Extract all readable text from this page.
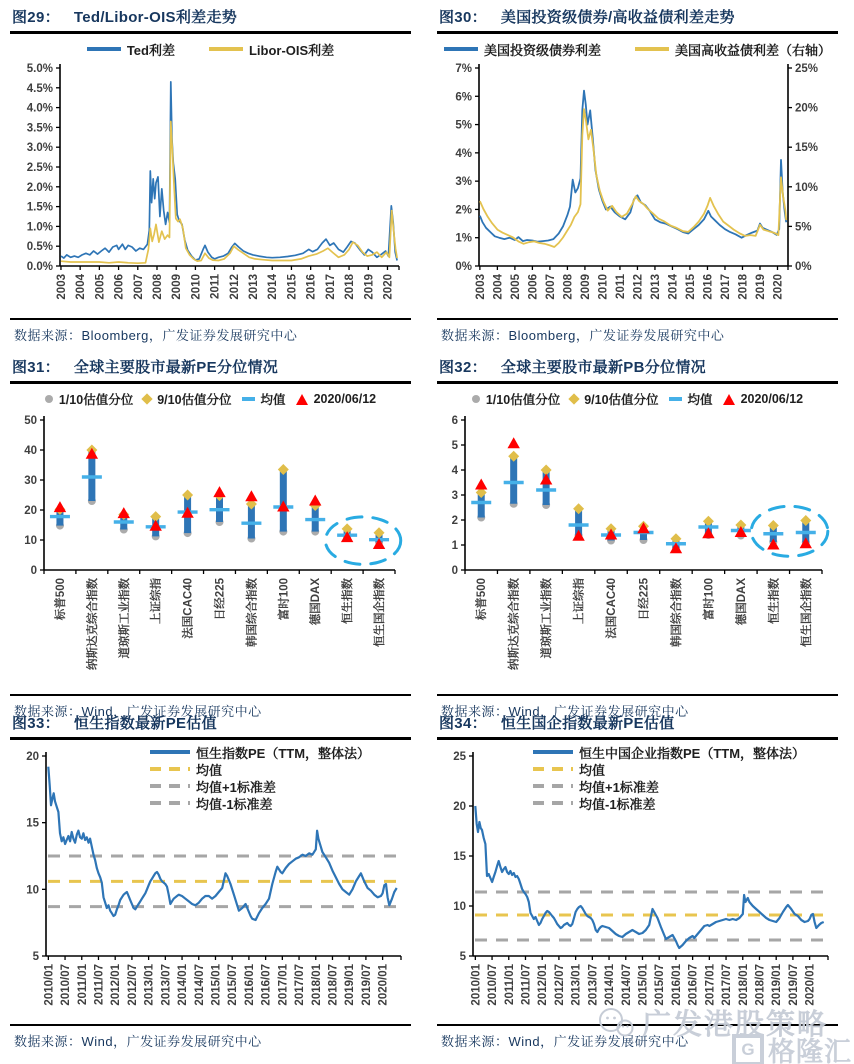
图29： Ted/Libor-OIS利差走势
Ted利差	Libor-OIS利差
0.0%
0.5%
1.0%
1.5%
2.0%
2.5%
3.0%
3.5%
4.0%
4.5%
5.0%
2003 2004 2005 2006 2007 2008 2009 2010 2011 2012 2013 2014 2015 2016 2017 2018 2019 2020
数据来源：Bloomberg，广发证券发展研究中心
图30： 美国投资级债券/高收益债利差走势
美国投资级债券利差	美国高收益债利差（右轴）
0%
1%
2%
3%
4%
5%
6%
7%
0%
5%
10%
15%
20%
25%
2003 2004 2005 2006 2007 2008 2009 2010 2011 2012 2013 2014 2015 2016 2017 2018 2019 2020
数据来源：Bloomberg，广发证券发展研究中心
图31： 全球主要股市最新PE分位情况
1/10估值分位 9/10估值分位 均值 2020/06/12
0
10
20
30
40
50
标普500 纳斯达克综合指数 道琼斯工业指数 上证综指 法国CAC40 日经225 韩国综合指数 富时100 德国DAX 恒生指数 恒生国企指数
数据来源：Wind，广发证券发展研究中心
图32： 全球主要股市最新PB分位情况
1/10估值分位 9/10估值分位 均值 2020/06/12
0
1
2
3
4
5
6
标普500 纳斯达克综合指数 道琼斯工业指数 上证综指 法国CAC40 日经225 韩国综合指数 富时100 德国DAX 恒生指数 恒生国企指数
数据来源：Wind，广发证券发展研究中心
图33： 恒生指数最新PE估值
恒生指数PE（TTM，整体法）
均值
均值+1标准差
均值-1标准差
5
10
15
20
2010/01 2010/07 2011/01 2011/07 2012/01 2012/07 2013/01 2013/07 2014/01 2014/07 2015/01 2015/07 2016/01 2016/07 2017/01 2017/07 2018/01 2018/07 2019/01 2019/07 2020/01
数据来源：Wind，广发证券发展研究中心
图34： 恒生国企指数最新PE估值
恒生中国企业指数PE（TTM，整体法）
均值
均值+1标准差
均值-1标准差
5
10
15
20
25
2010/01 2010/07 2011/01 2011/07 2012/01 2012/07 2013/01 2013/07 2014/01 2014/07 2015/01 2015/07 2016/01 2016/07 2017/01 2017/07 2018/01 2018/07 2019/01 2019/07 2020/01
数据来源：Wind，广发证券发展研究中心
广发港股策略
G 格隆汇
